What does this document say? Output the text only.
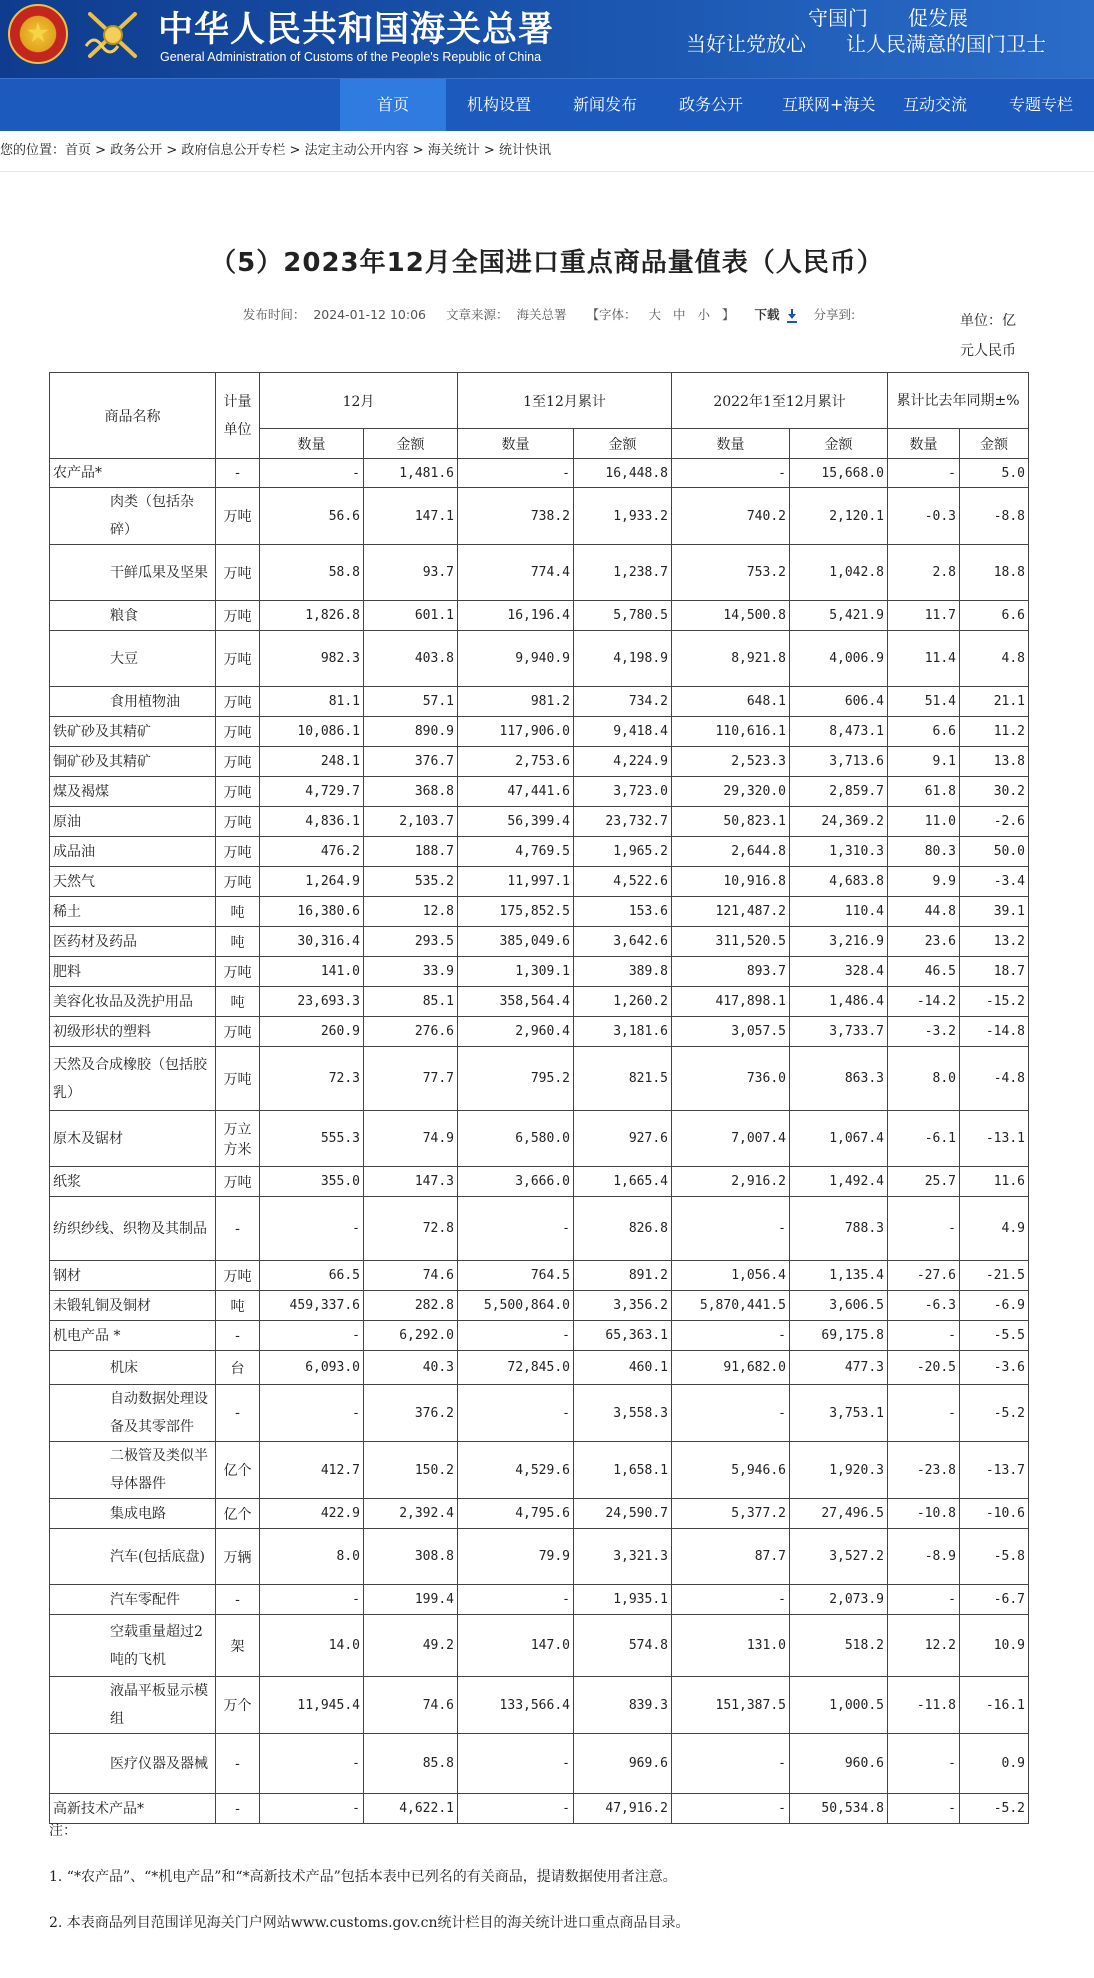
中华人民共和国海关总署
General Administration of Customs of the People's Republic of China
守国门　　促发展
当好让党放心　　让人民满意的国门卫士
首页	机构设置	新闻发布	政务公开	互联网+海关	互动交流	专题专栏
您的位置：首页 > 政务公开 > 政府信息公开专栏 > 法定主动公开内容 > 海关统计 > 统计快讯
（5）2023年12月全国进口重点商品量值表（人民币）
发布时间： 2024-01-12 10:06 文章来源： 海关总署 【字体： 大 中 小 】 下载	分享到:	单位：亿
元人民币
商品名称	计量单位	12月		1至12月累计		2022年1至12月累计		累计比去年同期±%	
		数量	金额	数量	金额	数量	金额	数量	金额
农产品*	-	-	1,481.6	-	16,448.8	-	15,668.0	-	5.0
肉类（包括杂碎）	万吨	56.6	147.1	738.2	1,933.2	740.2	2,120.1	-0.3	-8.8
干鲜瓜果及坚果	万吨	58.8	93.7	774.4	1,238.7	753.2	1,042.8	2.8	18.8
粮食	万吨	1,826.8	601.1	16,196.4	5,780.5	14,500.8	5,421.9	11.7	6.6
大豆	万吨	982.3	403.8	9,940.9	4,198.9	8,921.8	4,006.9	11.4	4.8
食用植物油	万吨	81.1	57.1	981.2	734.2	648.1	606.4	51.4	21.1
铁矿砂及其精矿	万吨	10,086.1	890.9	117,906.0	9,418.4	110,616.1	8,473.1	6.6	11.2
铜矿砂及其精矿	万吨	248.1	376.7	2,753.6	4,224.9	2,523.3	3,713.6	9.1	13.8
煤及褐煤	万吨	4,729.7	368.8	47,441.6	3,723.0	29,320.0	2,859.7	61.8	30.2
原油	万吨	4,836.1	2,103.7	56,399.4	23,732.7	50,823.1	24,369.2	11.0	-2.6
成品油	万吨	476.2	188.7	4,769.5	1,965.2	2,644.8	1,310.3	80.3	50.0
天然气	万吨	1,264.9	535.2	11,997.1	4,522.6	10,916.8	4,683.8	9.9	-3.4
稀土	吨	16,380.6	12.8	175,852.5	153.6	121,487.2	110.4	44.8	39.1
医药材及药品	吨	30,316.4	293.5	385,049.6	3,642.6	311,520.5	3,216.9	23.6	13.2
肥料	万吨	141.0	33.9	1,309.1	389.8	893.7	328.4	46.5	18.7
美容化妆品及洗护用品	吨	23,693.3	85.1	358,564.4	1,260.2	417,898.1	1,486.4	-14.2	-15.2
初级形状的塑料	万吨	260.9	276.6	2,960.4	3,181.6	3,057.5	3,733.7	-3.2	-14.8
天然及合成橡胶（包括胶乳）	万吨	72.3	77.7	795.2	821.5	736.0	863.3	8.0	-4.8
原木及锯材	万立方米	555.3	74.9	6,580.0	927.6	7,007.4	1,067.4	-6.1	-13.1
纸浆	万吨	355.0	147.3	3,666.0	1,665.4	2,916.2	1,492.4	25.7	11.6
纺织纱线、织物及其制品	-	-	72.8	-	826.8	-	788.3	-	4.9
钢材	万吨	66.5	74.6	764.5	891.2	1,056.4	1,135.4	-27.6	-21.5
未锻轧铜及铜材	吨	459,337.6	282.8	5,500,864.0	3,356.2	5,870,441.5	3,606.5	-6.3	-6.9
机电产品 *	-	-	6,292.0	-	65,363.1	-	69,175.8	-	-5.5
机床	台	6,093.0	40.3	72,845.0	460.1	91,682.0	477.3	-20.5	-3.6
自动数据处理设备及其零部件	-	-	376.2	-	3,558.3	-	3,753.1	-	-5.2
二极管及类似半导体器件	亿个	412.7	150.2	4,529.6	1,658.1	5,946.6	1,920.3	-23.8	-13.7
集成电路	亿个	422.9	2,392.4	4,795.6	24,590.7	5,377.2	27,496.5	-10.8	-10.6
汽车(包括底盘)	万辆	8.0	308.8	79.9	3,321.3	87.7	3,527.2	-8.9	-5.8
汽车零配件	-	-	199.4	-	1,935.1	-	2,073.9	-	-6.7
空载重量超过2吨的飞机	架	14.0	49.2	147.0	574.8	131.0	518.2	12.2	10.9
液晶平板显示模组	万个	11,945.4	74.6	133,566.4	839.3	151,387.5	1,000.5	-11.8	-16.1
医疗仪器及器械	-	-	85.8	-	969.6	-	960.6	-	0.9
高新技术产品*	-	-	4,622.1	-	47,916.2	-	50,534.8	-	-5.2

注：

1. “*农产品”、“*机电产品”和“*高新技术产品”包括本表中已列名的有关商品，提请数据使用者注意。

2. 本表商品列目范围详见海关门户网站www.customs.gov.cn统计栏目的海关统计进口重点商品目录。
